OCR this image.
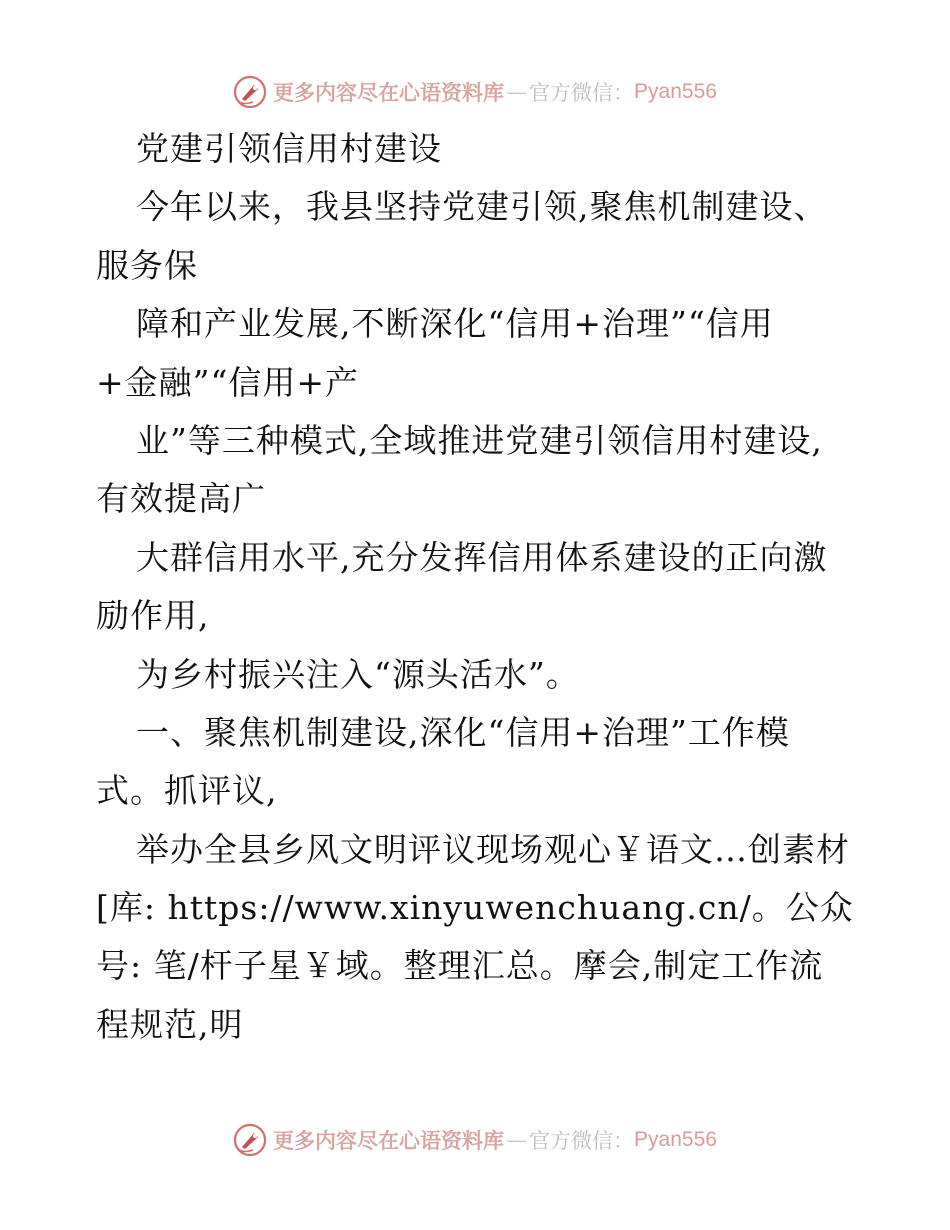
更多内容尽在心语资料库 — 官方微信： Pyan556
党建引领信用村建设
今年以来，我县坚持党建引领,聚焦机制建设、
服务保
障和产业发展,不断深化“信用+治理”“信用
+金融”“信用+产
业”等三种模式,全域推进党建引领信用村建设,
有效提高广
大群信用水平,充分发挥信用体系建设的正向激
励作用,
为乡村振兴注入“源头活水”。
一、聚焦机制建设,深化“信用+治理”工作模
式。抓评议,
举办全县乡风文明评议现场观心￥语文…创素材
[库: https://www.xinyuwenchuang.cn/。公众
号: 笔/杆子星￥域。整理汇总。摩会,制定工作流
程规范,明
更多内容尽在心语资料库 — 官方微信： Pyan556
